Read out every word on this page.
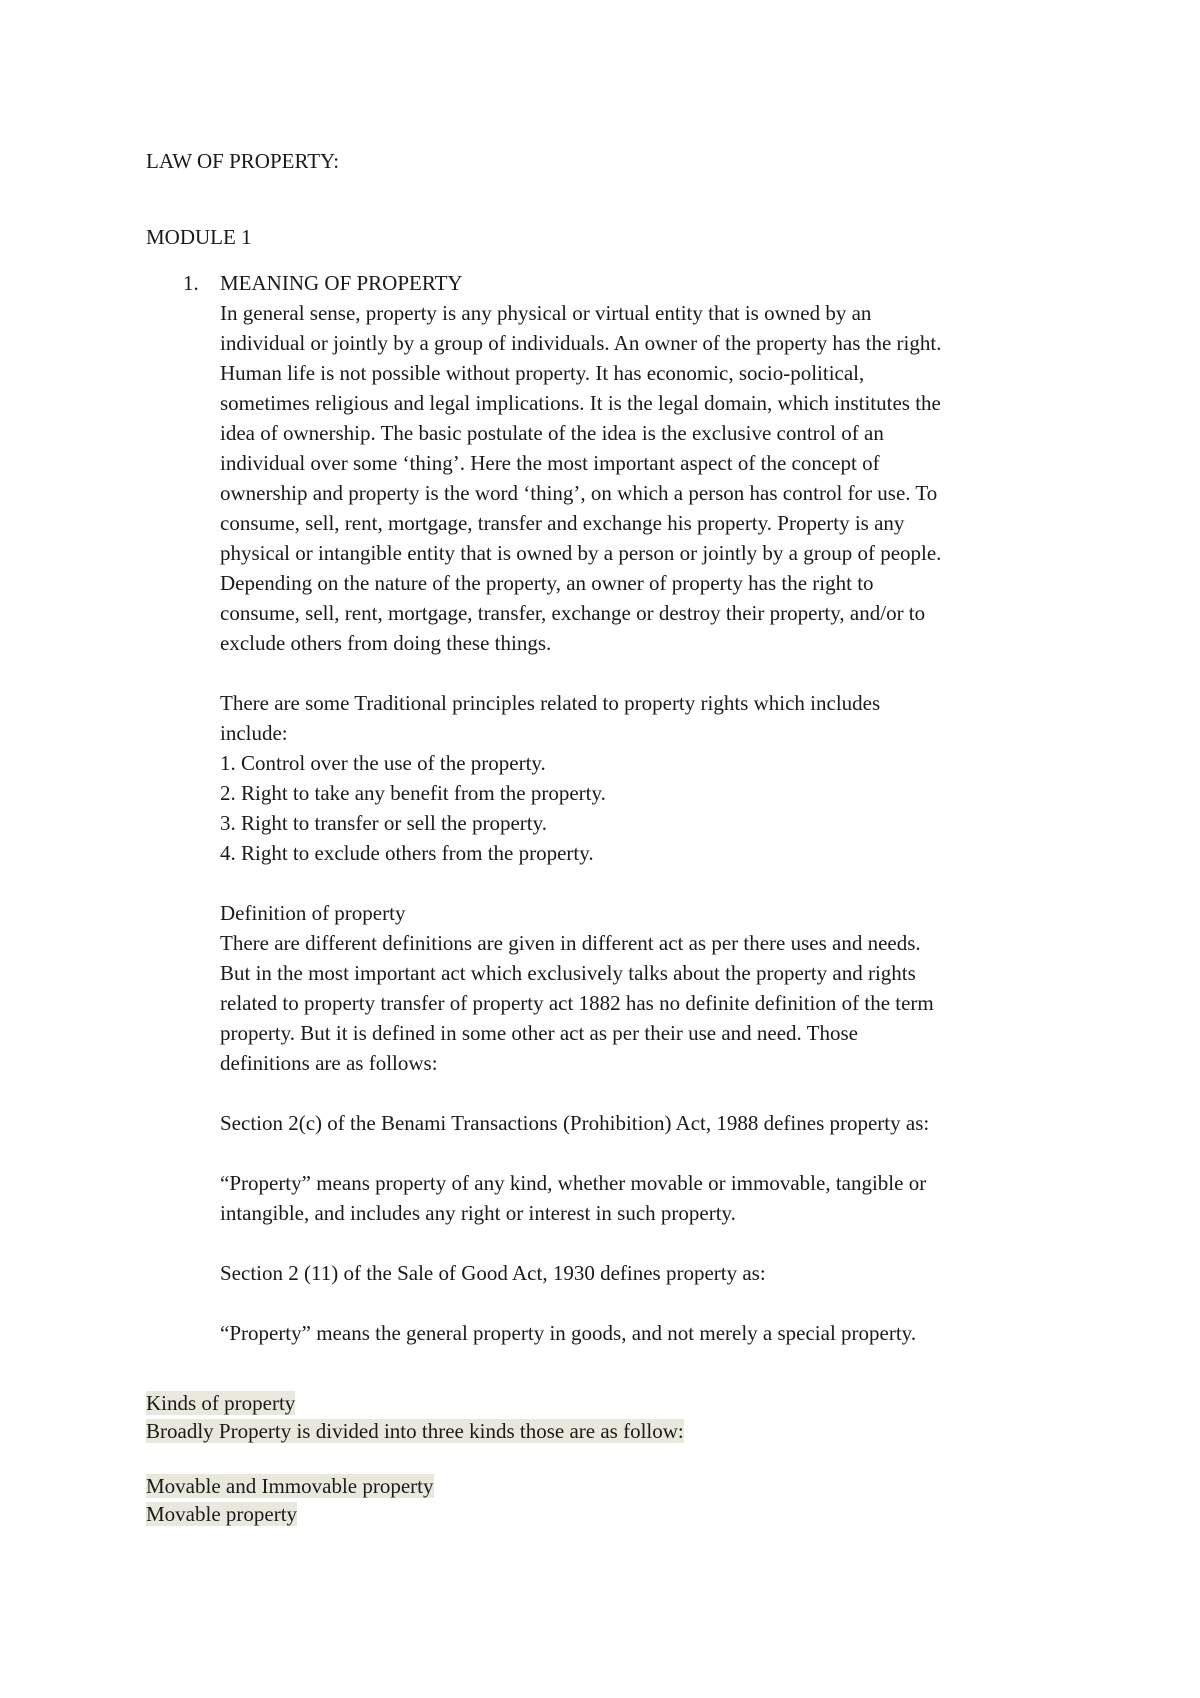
LAW OF PROPERTY:
MODULE 1
1. MEANING OF PROPERTY
In general sense, property is any physical or virtual entity that is owned by an
individual or jointly by a group of individuals. An owner of the property has the right.
Human life is not possible without property. It has economic, socio-political,
sometimes religious and legal implications. It is the legal domain, which institutes the
idea of ownership. The basic postulate of the idea is the exclusive control of an
individual over some ‘thing’. Here the most important aspect of the concept of
ownership and property is the word ‘thing’, on which a person has control for use. To
consume, sell, rent, mortgage, transfer and exchange his property. Property is any
physical or intangible entity that is owned by a person or jointly by a group of people.
Depending on the nature of the property, an owner of property has the right to
consume, sell, rent, mortgage, transfer, exchange or destroy their property, and/or to
exclude others from doing these things.
There are some Traditional principles related to property rights which includes
include:
1. Control over the use of the property.
2. Right to take any benefit from the property.
3. Right to transfer or sell the property.
4. Right to exclude others from the property.
Definition of property
There are different definitions are given in different act as per there uses and needs.
But in the most important act which exclusively talks about the property and rights
related to property transfer of property act 1882 has no definite definition of the term
property. But it is defined in some other act as per their use and need. Those
definitions are as follows:
Section 2(c) of the Benami Transactions (Prohibition) Act, 1988 defines property as:
“Property” means property of any kind, whether movable or immovable, tangible or
intangible, and includes any right or interest in such property.
Section 2 (11) of the Sale of Good Act, 1930 defines property as:
“Property” means the general property in goods, and not merely a special property.
Kinds of property
Broadly Property is divided into three kinds those are as follow:
Movable and Immovable property
Movable property
